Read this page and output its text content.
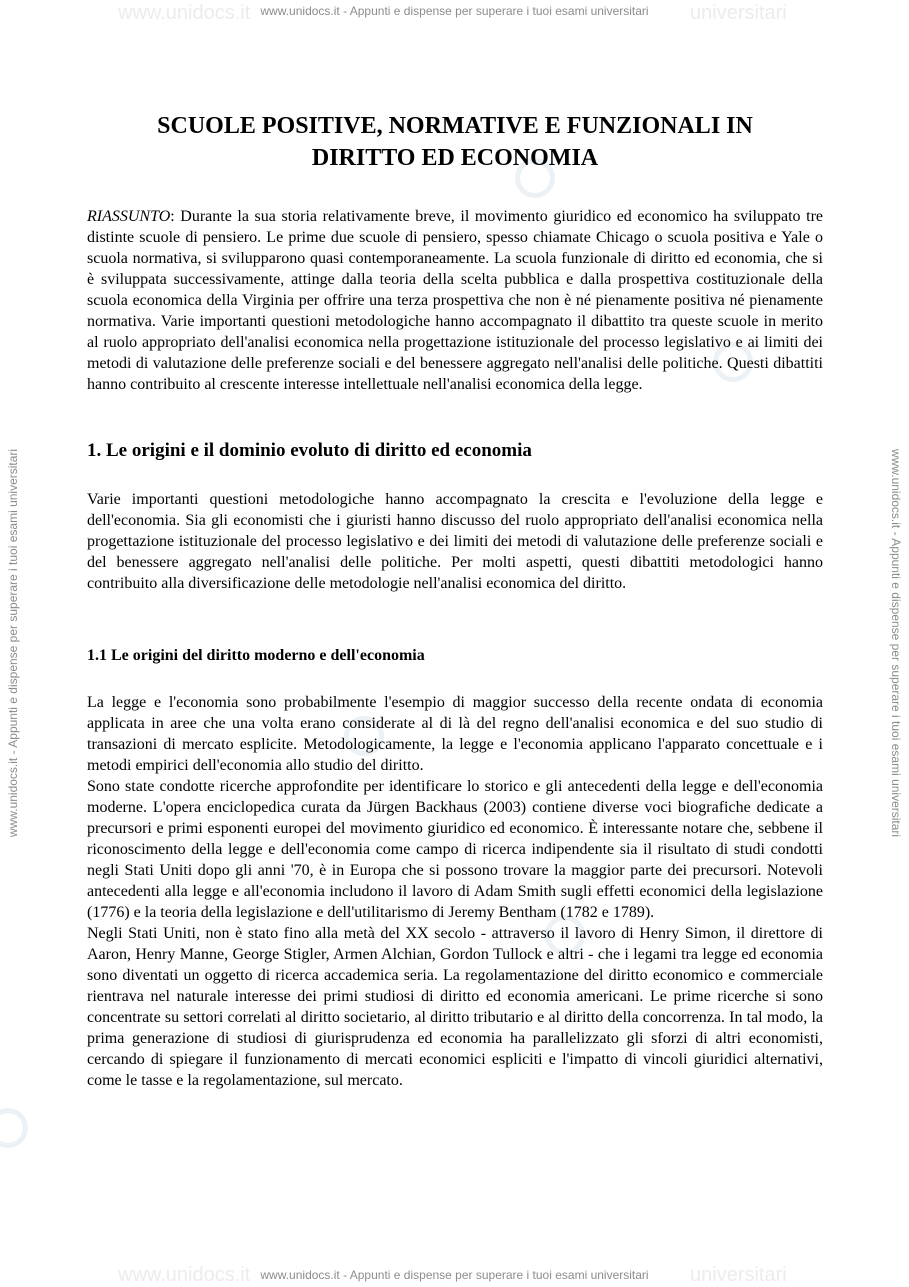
www.unidocs.it	universitari
www.unidocs.it	universitari
www.unidocs.it - Appunti e dispense per superare i tuoi esami universitari
www.unidocs.it - Appunti e dispense per superare i tuoi esami universitari
www.unidocs.it - Appunti e dispense per superare i tuoi esami universitari	www.unidocs.it - Appunti e dispense per superare i tuoi esami universitari
SCUOLE POSITIVE, NORMATIVE E FUNZIONALI IN
DIRITTO ED ECONOMIA

RIASSUNTO: Durante la sua storia relativamente breve, il movimento giuridico ed economico ha sviluppato tre distinte scuole di pensiero. Le prime due scuole di pensiero, spesso chiamate Chicago o scuola positiva e Yale o scuola normativa, si svilupparono quasi contemporaneamente. La scuola funzionale di diritto ed economia, che si è sviluppata successivamente, attinge dalla teoria della scelta pubblica e dalla prospettiva costituzionale della scuola economica della Virginia per offrire una terza prospettiva che non è né pienamente positiva né pienamente normativa. Varie importanti questioni metodologiche hanno accompagnato il dibattito tra queste scuole in merito al ruolo appropriato dell'analisi economica nella progettazione istituzionale del processo legislativo e ai limiti dei metodi di valutazione delle preferenze sociali e del benessere aggregato nell'analisi delle politiche. Questi dibattiti hanno contribuito al crescente interesse intellettuale nell'analisi economica della legge.

1. Le origini e il dominio evoluto di diritto ed economia

Varie importanti questioni metodologiche hanno accompagnato la crescita e l'evoluzione della legge e dell'economia. Sia gli economisti che i giuristi hanno discusso del ruolo appropriato dell'analisi economica nella progettazione istituzionale del processo legislativo e dei limiti dei metodi di valutazione delle preferenze sociali e del benessere aggregato nell'analisi delle politiche. Per molti aspetti, questi dibattiti metodologici hanno contribuito alla diversificazione delle metodologie nell'analisi economica del diritto.

1.1 Le origini del diritto moderno e dell'economia

La legge e l'economia sono probabilmente l'esempio di maggior successo della recente ondata di economia applicata in aree che una volta erano considerate al di là del regno dell'analisi economica e del suo studio di transazioni di mercato esplicite. Metodologicamente, la legge e l'economia applicano l'apparato concettuale e i metodi empirici dell'economia allo studio del diritto.

Sono state condotte ricerche approfondite per identificare lo storico e gli antecedenti della legge e dell'economia moderne. L'opera enciclopedica curata da Jürgen Backhaus (2003) contiene diverse voci biografiche dedicate a precursori e primi esponenti europei del movimento giuridico ed economico. È interessante notare che, sebbene il riconoscimento della legge e dell'economia come campo di ricerca indipendente sia il risultato di studi condotti negli Stati Uniti dopo gli anni '70, è in Europa che si possono trovare la maggior parte dei precursori. Notevoli antecedenti alla legge e all'economia includono il lavoro di Adam Smith sugli effetti economici della legislazione (1776) e la teoria della legislazione e dell'utilitarismo di Jeremy Bentham (1782 e 1789).

Negli Stati Uniti, non è stato fino alla metà del XX secolo - attraverso il lavoro di Henry Simon, il direttore di Aaron, Henry Manne, George Stigler, Armen Alchian, Gordon Tullock e altri - che i legami tra legge ed economia sono diventati un oggetto di ricerca accademica seria. La regolamentazione del diritto economico e commerciale rientrava nel naturale interesse dei primi studiosi di diritto ed economia americani. Le prime ricerche si sono concentrate su settori correlati al diritto societario, al diritto tributario e al diritto della concorrenza. In tal modo, la prima generazione di studiosi di giurisprudenza ed economia ha parallelizzato gli sforzi di altri economisti, cercando di spiegare il funzionamento di mercati economici espliciti e l'impatto di vincoli giuridici alternativi, come le tasse e la regolamentazione, sul mercato.
